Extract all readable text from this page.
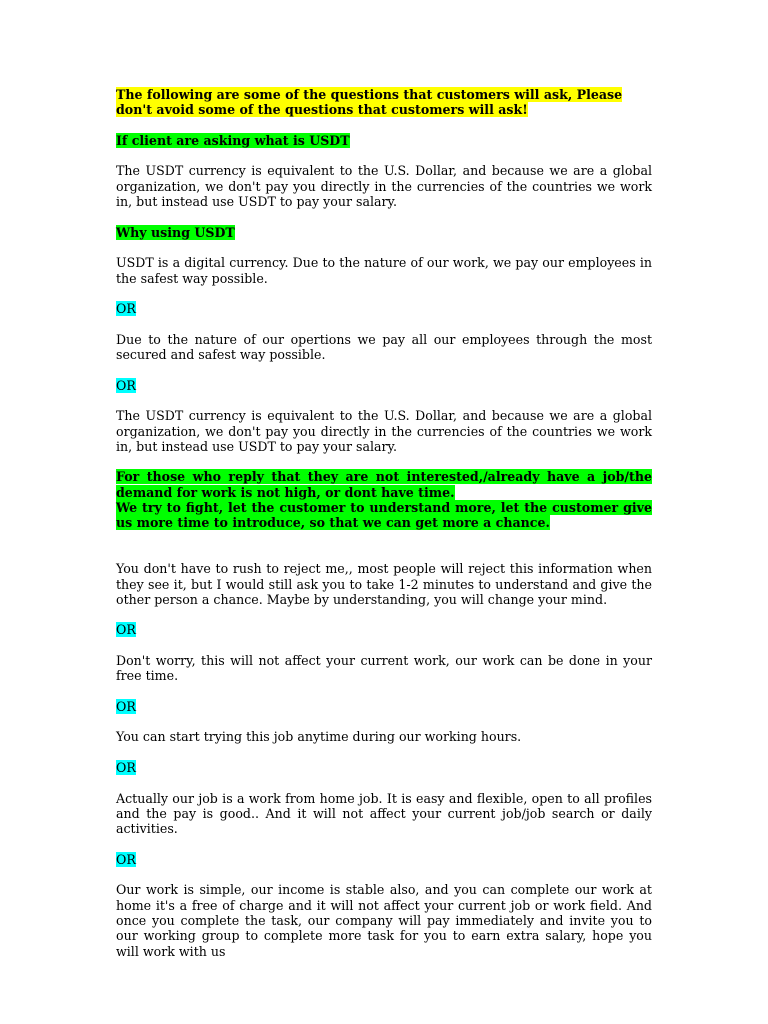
The following are some of the questions that customers will ask, Please don't avoid some of the questions that customers will ask!

If client are asking what is USDT

The USDT currency is equivalent to the U.S. Dollar, and because we are a global organization, we don't pay you directly in the currencies of the countries we work in, but instead use USDT to pay your salary.

Why using USDT

USDT is a digital currency. Due to the nature of our work, we pay our employees in the safest way possible.

OR

Due to the nature of our opertions we pay all our employees through the most secured and safest way possible.

OR

The USDT currency is equivalent to the U.S. Dollar, and because we are a global organization, we don't pay you directly in the currencies of the countries we work in, but instead use USDT to pay your salary.

For those who reply that they are not interested,/already have a job/the demand for work is not high, or dont have time.
We try to fight, let the customer to understand more, let the customer give us more time to introduce, so that we can get more a chance.

You don't have to rush to reject me,, most people will reject this information when they see it, but I would still ask you to take 1-2 minutes to understand and give the other person a chance. Maybe by understanding, you will change your mind.

OR

Don't worry, this will not affect your current work, our work can be done in your free time.

OR

You can start trying this job anytime during our working hours.

OR

Actually our job is a work from home job. It is easy and flexible, open to all profiles and the pay is good.. And it will not affect your current job/job search or daily activities.

OR

Our work is simple, our income is stable also, and you can complete our work at home it's a free of charge and it will not affect your current job or work field. And once you complete the task, our company will pay immediately and invite you to our working group to complete more task for you to earn extra salary, hope you will work with us
